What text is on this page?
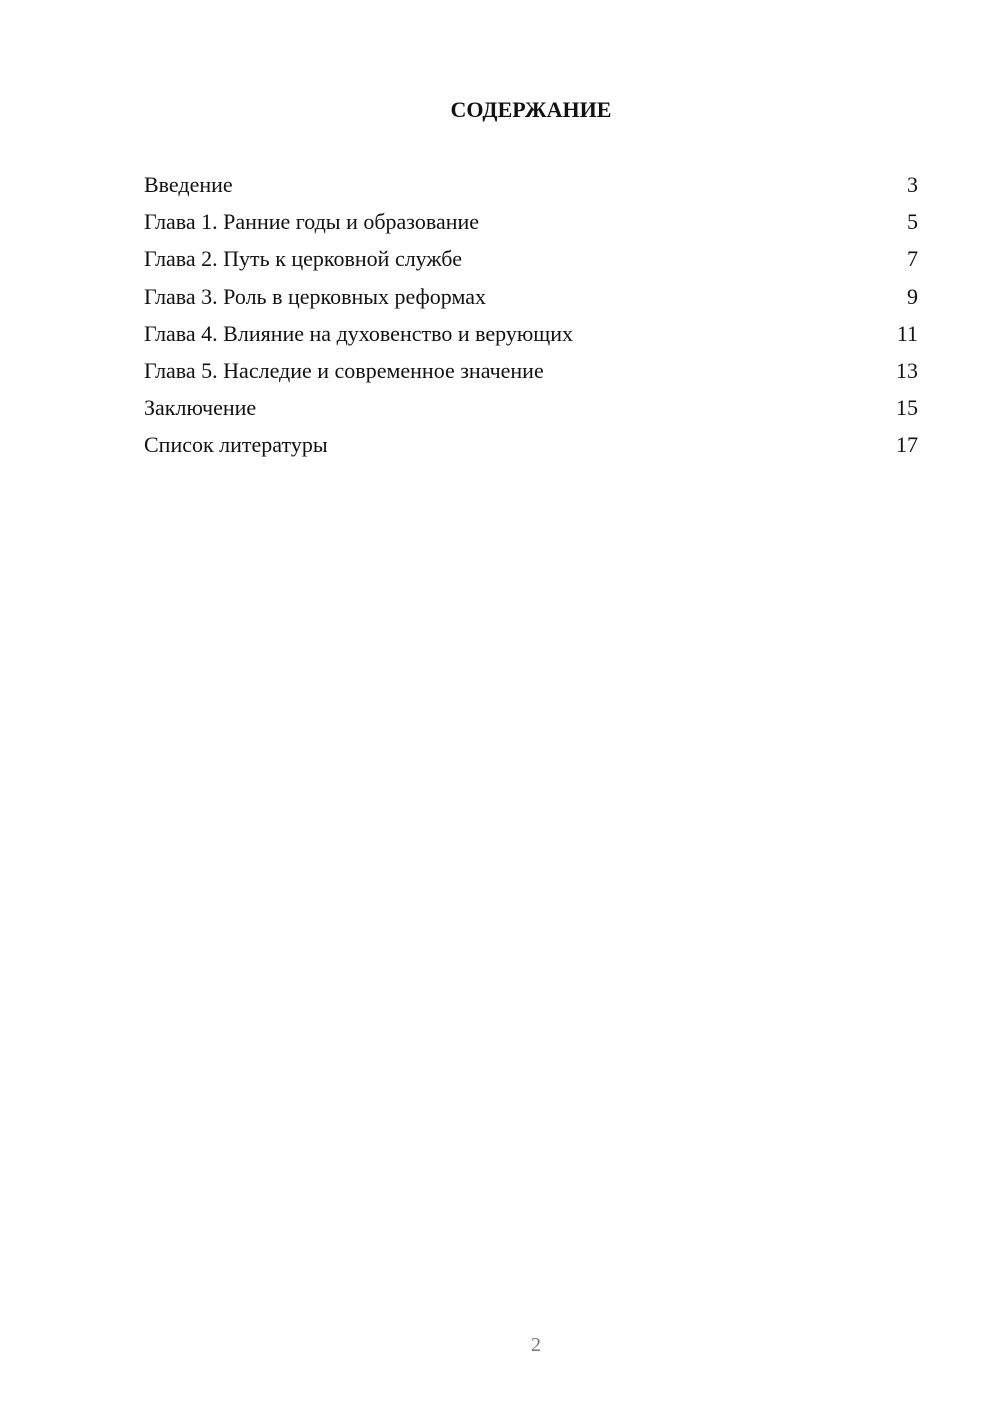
СОДЕРЖАНИЕ
Введение	3
Глава 1. Ранние годы и образование	5
Глава 2. Путь к церковной службе	7
Глава 3. Роль в церковных реформах	9
Глава 4. Влияние на духовенство и верующих	11
Глава 5. Наследие и современное значение	13
Заключение	15
Список литературы	17
2
